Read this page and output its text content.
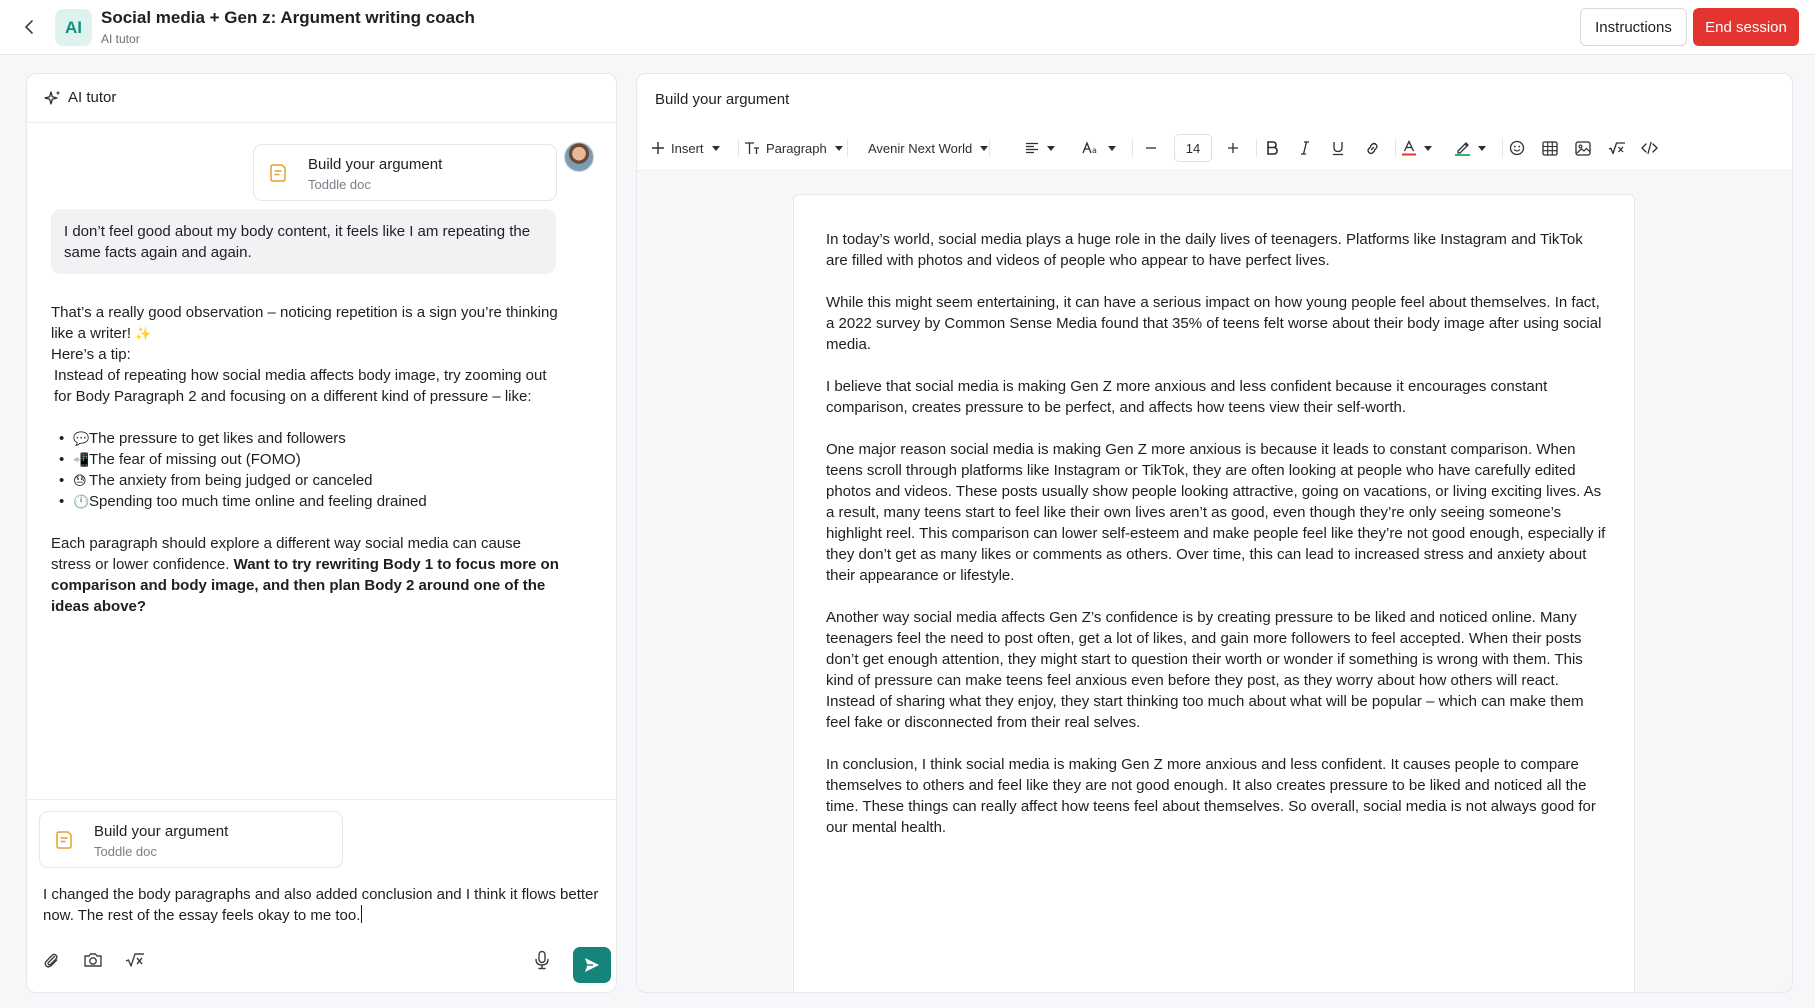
AI	Social media + Gen z: Argument writing coach
AI tutor
Instructions	End session
AI tutor
Build your argument
Toddle doc
I don’t feel good about my body content, it feels like I am repeating the same facts again and again.

That’s a really good observation – noticing repetition is a sign you’re thinking like a writer! ✨

Here’s a tip:

Instead of repeating how social media affects body image, try zooming out for Body Paragraph 2 and focusing on a different kind of pressure – like:

• 💬The pressure to get likes and followers
• 📲The fear of missing out (FOMO)
• 😓 The anxiety from being judged or canceled
• 🕛Spending too much time online and feeling drained

Each paragraph should explore a different way social media can cause stress or lower confidence. Want to try rewriting Body 1 to focus more on comparison and body image, and then plan Body 2 around one of the ideas above?

Build your argument
Toddle doc
I changed the body paragraphs and also added conclusion and I think it flows better now. The rest of the essay feels okay to me too.
Build your argument
Insert	Paragraph	Avenir Next World	a	14

In today’s world, social media plays a huge role in the daily lives of teenagers. Platforms like Instagram and TikTok are filled with photos and videos of people who appear to have perfect lives.

While this might seem entertaining, it can have a serious impact on how young people feel about themselves. In fact, a 2022 survey by Common Sense Media found that 35% of teens felt worse about their body image after using social media.

I believe that social media is making Gen Z more anxious and less confident because it encourages constant comparison, creates pressure to be perfect, and affects how teens view their self-worth.

One major reason social media is making Gen Z more anxious is because it leads to constant comparison. When teens scroll through platforms like Instagram or TikTok, they are often looking at people who have carefully edited photos and videos. These posts usually show people looking attractive, going on vacations, or living exciting lives. As a result, many teens start to feel like their own lives aren’t as good, even though they’re only seeing someone’s highlight reel. This comparison can lower self-esteem and make people feel like they’re not good enough, especially if they don’t get as many likes or comments as others. Over time, this can lead to increased stress and anxiety about their appearance or lifestyle.

Another way social media affects Gen Z’s confidence is by creating pressure to be liked and noticed online. Many teenagers feel the need to post often, get a lot of likes, and gain more followers to feel accepted. When their posts don’t get enough attention, they might start to question their worth or wonder if something is wrong with them. This kind of pressure can make teens feel anxious even before they post, as they worry about how others will react. Instead of sharing what they enjoy, they start thinking too much about what will be popular – which can make them feel fake or disconnected from their real selves.

In conclusion, I think social media is making Gen Z more anxious and less confident. It causes people to compare themselves to others and feel like they are not good enough. It also creates pressure to be liked and noticed all the time. These things can really affect how teens feel about themselves. So overall, social media is not always good for our mental health.
